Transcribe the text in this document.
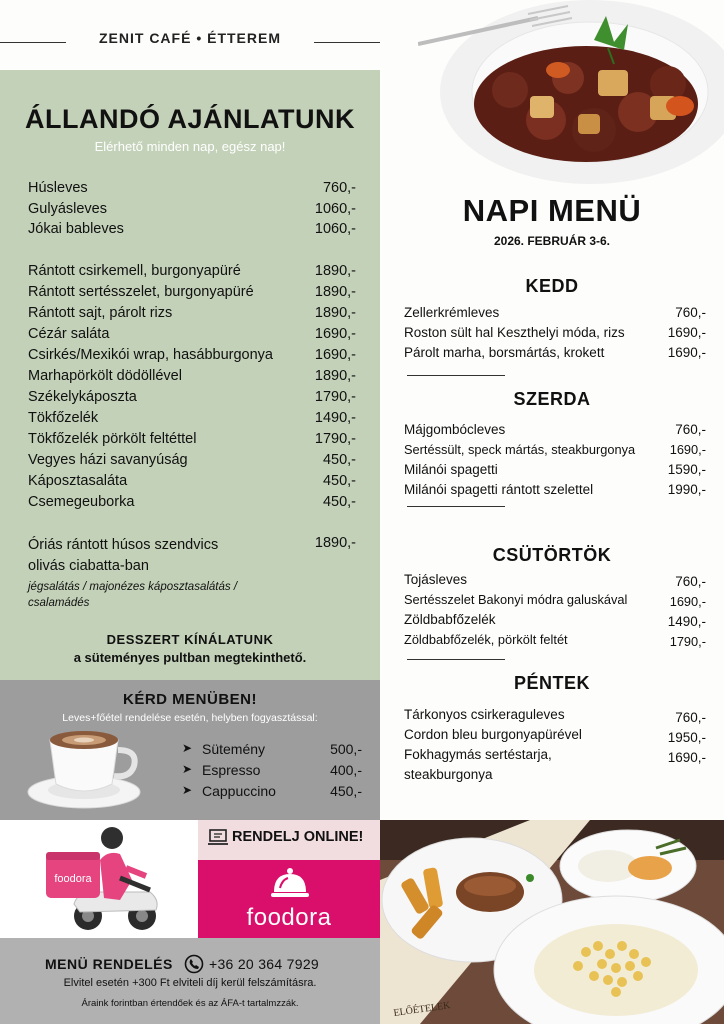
ZENIT CAFÉ • ÉTTEREM
ÁLLANDÓ AJÁNLATUNK
Elérhető minden nap, egész nap!
Húsleves	760,-
Gulyásleves	1060,-
Jókai bableves	1060,-
Rántott csirkemell, burgonyapüré	1890,-
Rántott sertésszelet, burgonyapüré	1890,-
Rántott sajt, párolt rizs	1890,-
Cézár saláta	1690,-
Csirkés/Mexikói wrap, hasábburgonya	1690,-
Marhapörkölt dödöllével	1890,-
Székelykáposzta	1790,-
Tökfőzelék	1490,-
Tökfőzelék pörkölt feltéttel	1790,-
Vegyes házi savanyúság	450,-
Káposztasaláta	450,-
Csemegeuborka	450,-
Óriás rántott húsos szendvics	1890,-
olivás ciabatta-ban
jégsalátás / majonézes káposztasalátás / csalamádés
DESSZERT KÍNÁLATUNK
a süteményes pultban megtekinthető.
KÉRD MENÜBEN!
Leves+főétel rendelése esetén, helyben fogyasztással:
➤ Sütemény	500,-
➤ Espresso	400,-
➤ Cappuccino	450,-
foodora
RENDELJ ONLINE!
foodora
MENÜ RENDELÉS	+36 20 364 7929
Elvitel esetén +300 Ft elviteli díj kerül felszámításra.
Áraink forintban értendőek és az ÁFA-t tartalmzzák.
NAPI MENÜ
2026. FEBRUÁR 3-6.
KEDD
Zellerkrémleves	760,-
Roston sült hal Keszthelyi móda, rizs	1690,-
Párolt marha, borsmártás, krokett	1690,-
SZERDA
Májgombócleves	760,-
Sertéssült, speck mártás, steakburgonya	1690,-
Milánói spagetti	1590,-
Milánói spagetti rántott szelettel	1990,-
CSÜTÖRTÖK
Tojásleves	760,-
Sertésszelet Bakonyi módra galuskával	1690,-
Zöldbabfőzelék	1490,-
Zöldbabfőzelék, pörkölt feltét	1790,-
PÉNTEK
Tárkonyos csirkeraguleves	760,-
Cordon bleu burgonyapürével	1950,-
Fokhagymás sertéstarja, steakburgonya
1690,-
ELŐÉTELEK
